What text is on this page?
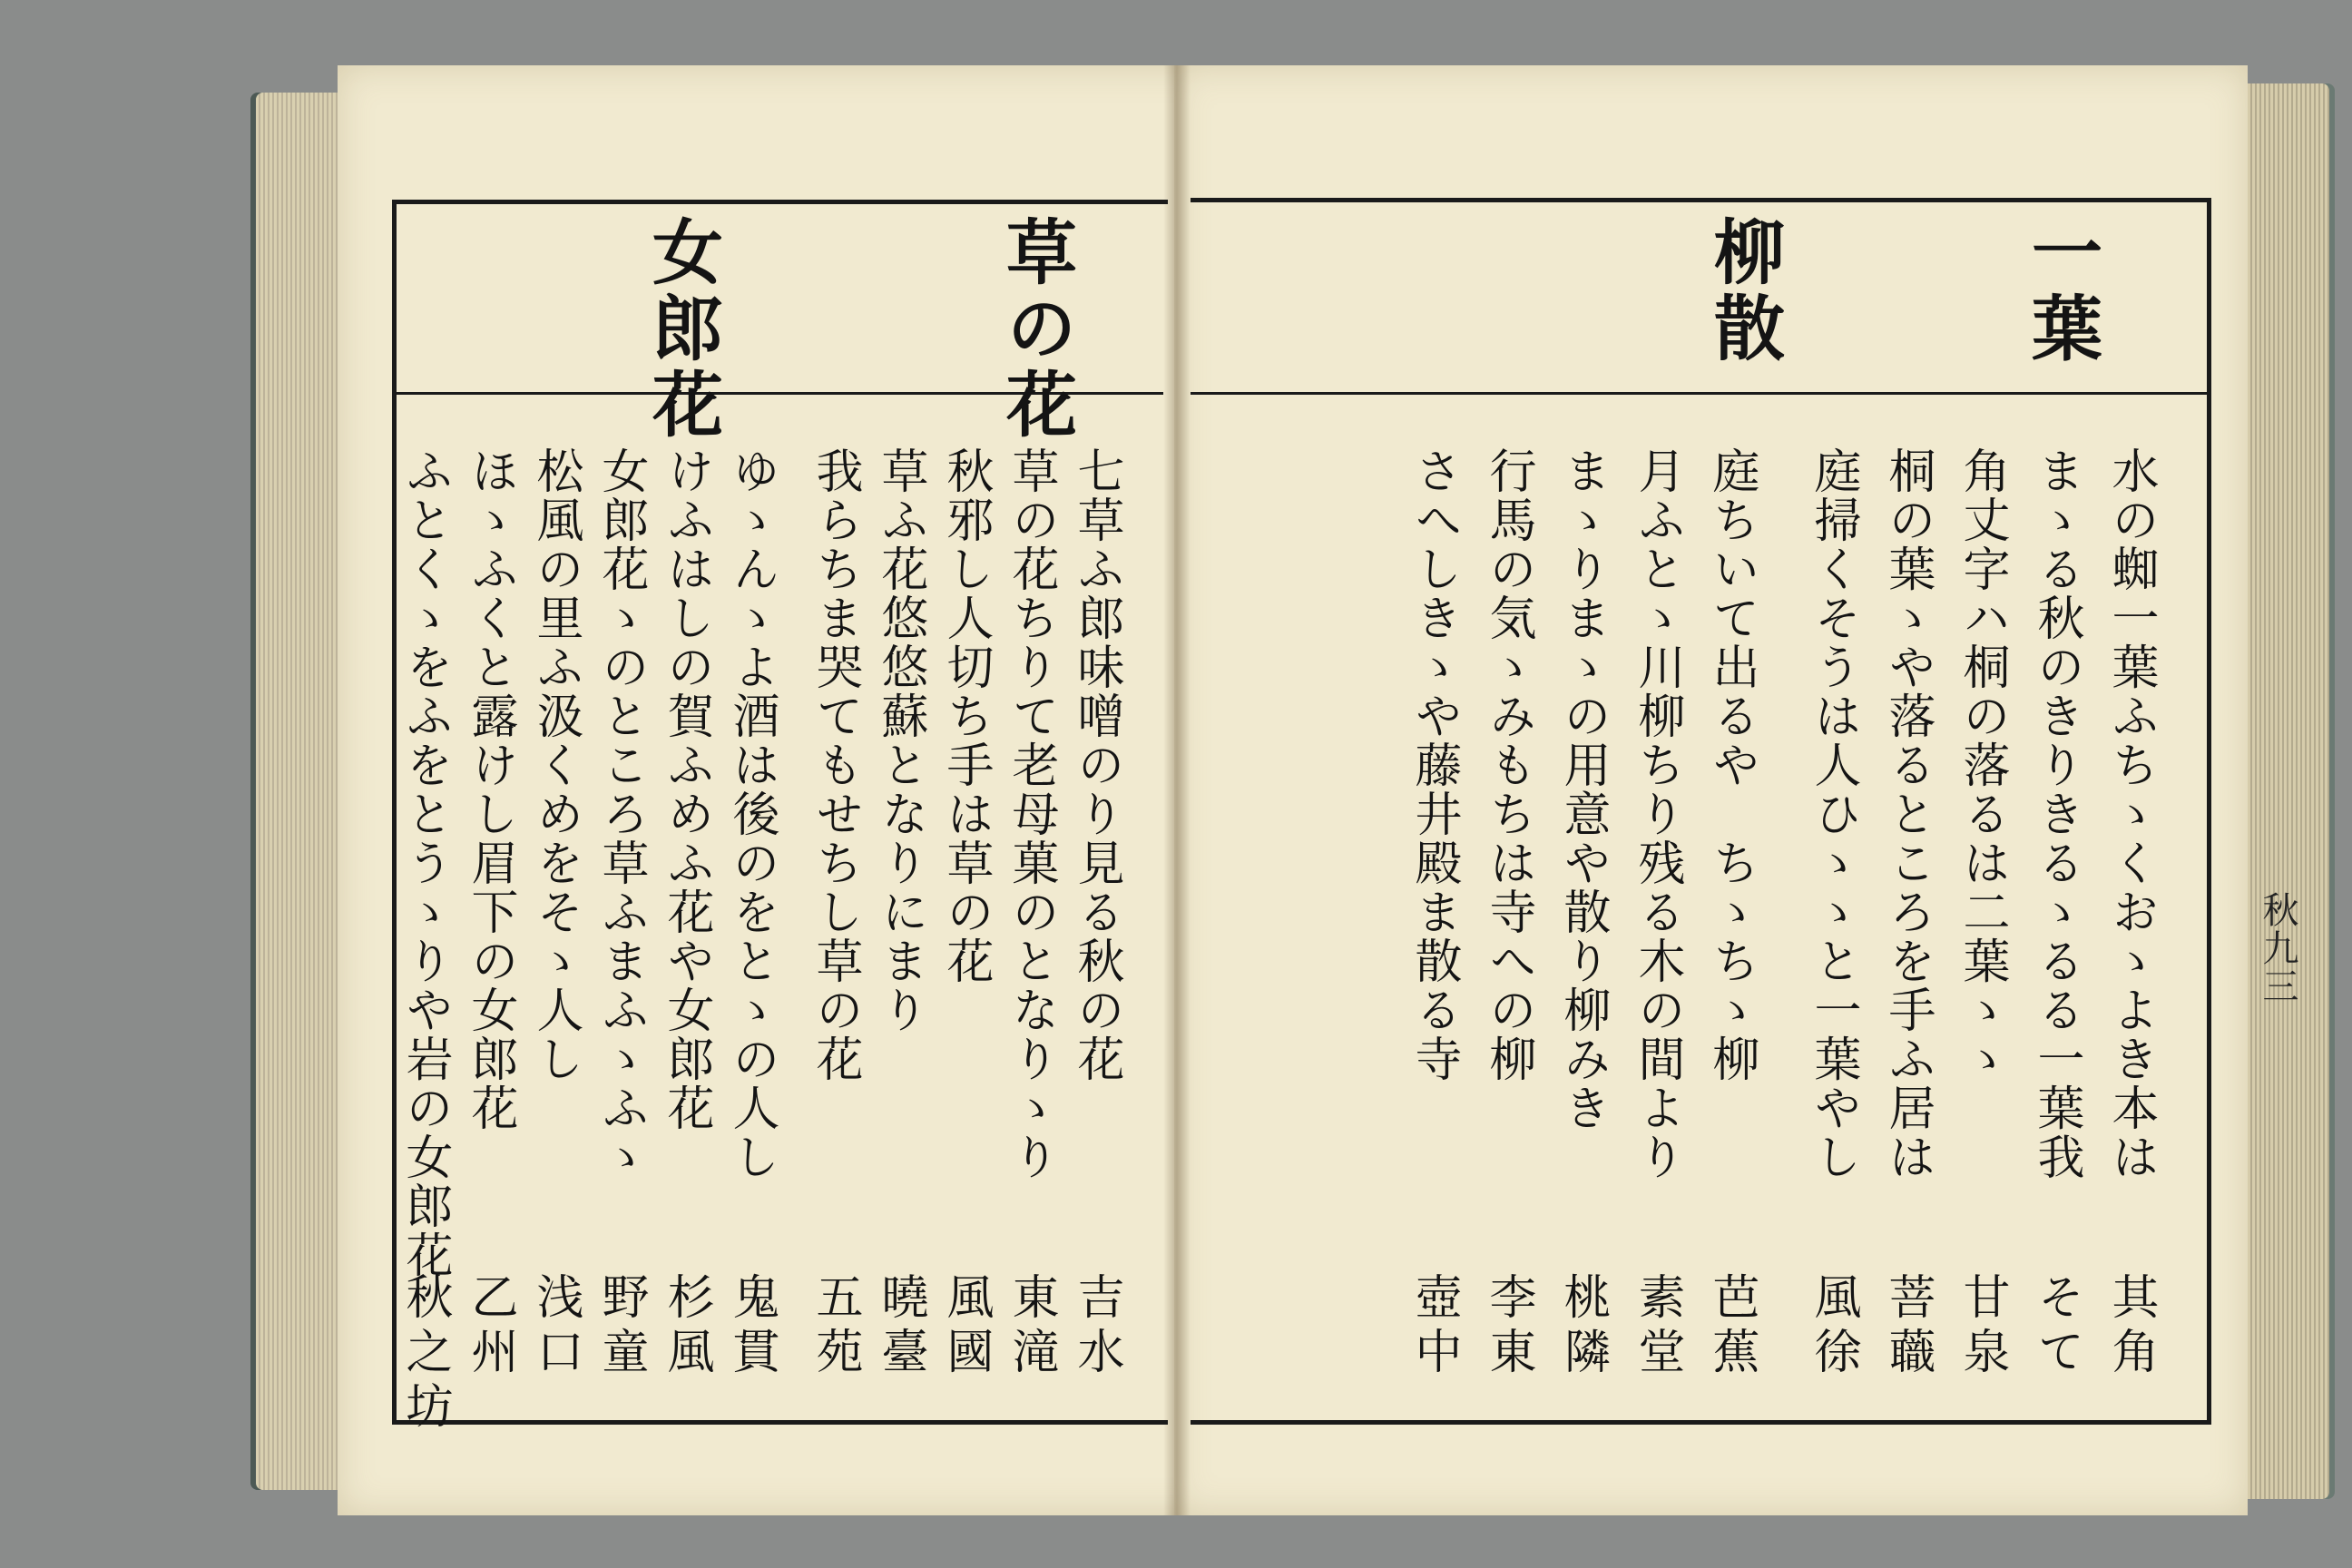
秋九三
一葉
柳散
草の花
女郎花
水の蜘一葉ふちゝくおゝよき本は
まゝる秋のきりきるゝるる一葉我
角丈字ハ桐の落るは二葉ゝゝ
桐の葉ゝや落るところを手ふ居は
庭掃くそうは人ひゝゝと一葉やし
庭ちいて出るや　ちゝちゝ柳
月ふとゝ川柳ちり残る木の間より
まゝりまゝの用意や散り柳みき
行馬の気ゝみもちは寺への柳
さへしきゝや藤井殿ま散る寺
其角
そて
甘泉
菩蘵
風徐
芭蕉
素堂
桃隣
李東
壺中
七草ふ郎味噌のり見る秋の花
草の花ちりて老母菓のとなりゝり
秋邪し人切ち手は草の花
草ふ花悠悠蘇となりにまり
我らちま哭てもせちし草の花
ゆゝんゝよ酒は後のをとゝの人し
けふはしの賀ふめふ花や女郎花
女郎花ゝのところ草ふまふゝふゝ
松風の里ふ汲くめをそゝ人し
ほゝふくと露けし眉下の女郎花
ふとくゝをふをとうゝりや岩の女郎花
吉水
東滝
風國
曉臺
五苑
鬼貫
杉風
野童
浅口
乙州
秋之坊
